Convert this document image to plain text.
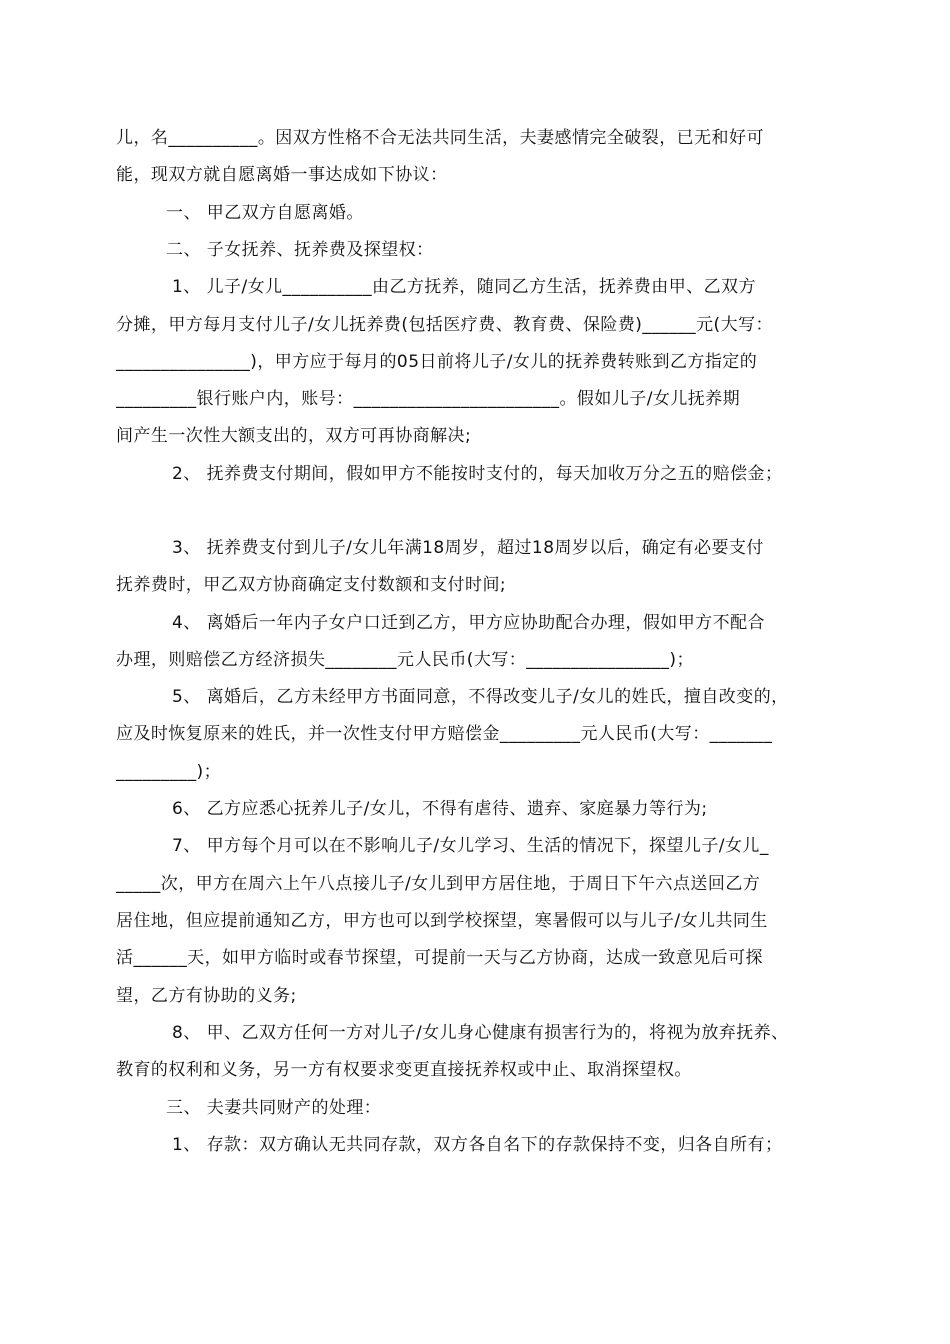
儿，名__________。因双方性格不合无法共同生活，夫妻感情完全破裂，已无和好可
能，现双方就自愿离婚一事达成如下协议：
一、 甲乙双方自愿离婚。
二、 子女抚养、抚养费及探望权：
1、 儿子/女儿__________由乙方抚养，随同乙方生活，抚养费由甲、乙双方
分摊，甲方每月支付儿子/女儿抚养费(包括医疗费、教育费、保险费)______元(大写：
_______________)，甲方应于每月的05日前将儿子/女儿的抚养费转账到乙方指定的
_________银行账户内，账号：_______________________。假如儿子/女儿抚养期
间产生一次性大额支出的，双方可再协商解决;
2、 抚养费支付期间，假如甲方不能按时支付的，每天加收万分之五的赔偿金；
3、 抚养费支付到儿子/女儿年满18周岁，超过18周岁以后，确定有必要支付
抚养费时，甲乙双方协商确定支付数额和支付时间;
4、 离婚后一年内子女户口迁到乙方，甲方应协助配合办理，假如甲方不配合
办理，则赔偿乙方经济损失________元人民币(大写：________________)；
5、 离婚后，乙方未经甲方书面同意，不得改变儿子/女儿的姓氏，擅自改变的，
应及时恢复原来的姓氏，并一次性支付甲方赔偿金_________元人民币(大写：_______
_________)；
6、 乙方应悉心抚养儿子/女儿，不得有虐待、遗弃、家庭暴力等行为;
7、 甲方每个月可以在不影响儿子/女儿学习、生活的情况下，探望儿子/女儿_
_____次，甲方在周六上午八点接儿子/女儿到甲方居住地，于周日下午六点送回乙方
居住地，但应提前通知乙方，甲方也可以到学校探望，寒暑假可以与儿子/女儿共同生
活______天，如甲方临时或春节探望，可提前一天与乙方协商，达成一致意见后可探
望，乙方有协助的义务;
8、 甲、乙双方任何一方对儿子/女儿身心健康有损害行为的，将视为放弃抚养、
教育的权利和义务，另一方有权要求变更直接抚养权或中止、取消探望权。
三、 夫妻共同财产的处理：
1、 存款：双方确认无共同存款，双方各自名下的存款保持不变，归各自所有；
